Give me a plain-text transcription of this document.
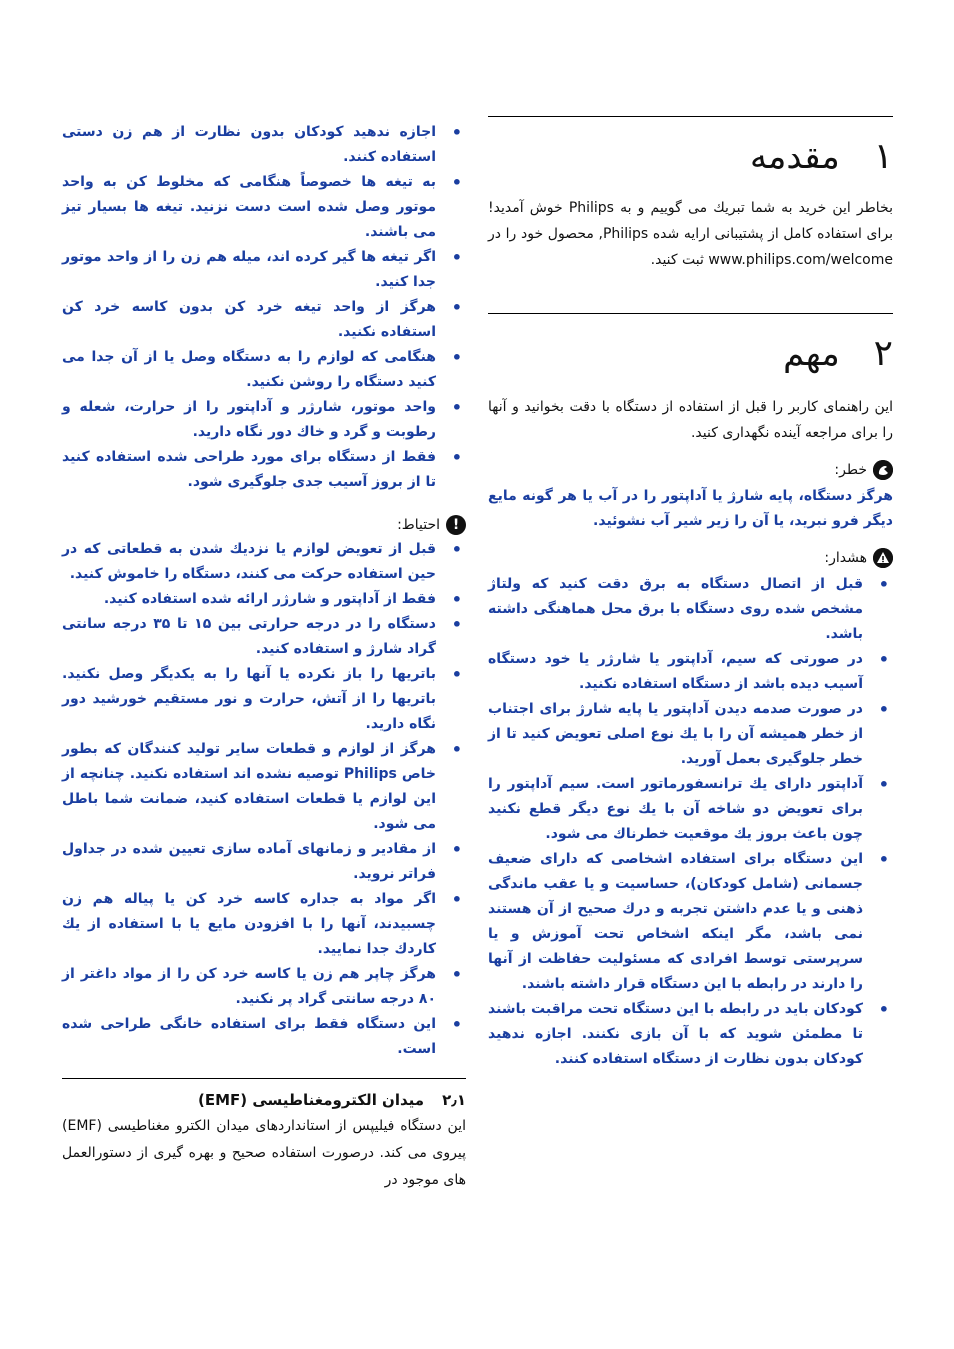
۱
مقدمه

بخاطر این خرید به شما تبریك می گوییم و به Philips خوش آمدید! برای استفاده كامل از پشتیبانی ارایه شده Philips, محصول خود را در www.philips.com/welcome ثبت كنید.

۲
مهم

این راهنمای كاربر را قبل از استفاده از دستگاه با دقت بخوانید و آنها را برای مراجعه آینده نگهداری كنید.

خطر:

هرگز دستگاه، پایه شارژ یا آداپتور را در آب یا هر گونه مایع دیگر فرو نبرید، یا آن را زیر شیر آب نشوئید.

هشدار:
• قبل از اتصال دستگاه به برق دقت كنید كه ولتاژ مشخص شده روی دستگاه با برق محل هماهنگی داشته باشد.
• در صورتی كه سیم، آداپتور یا شارژر یا خود دستگاه آسیب دیده باشد از دستگاه استفاده نكنید.
• در صورت صدمه دیدن آداپتور یا پایه شارژ برای اجتناب از خطر همیشه آن را با یك نوع اصلی تعویض كنید تا از خطر جلوگیری بعمل آورید.
• آداپتور دارای یك ترانسفورماتور است. سیم آداپتور را برای تعویض دو شاخه آن با یك نوع دیگر قطع نكنید چون باعث بروز یك موقعیت خطرناك می شود.
• این دستگاه برای استفاده اشخاصی كه دارای ضعیف جسمانی (شامل كودكان)، حساسیت و یا عقب ماندگی ذهنی و یا عدم داشتن تجربه و درك صحیح از آن هستند نمی باشد، مگر اینكه اشخاص تحت آموزش و یا سرپرستی توسط افرادی كه مسئولیت حفاظت از آنها را دارند در رابطه با این دستگاه قرار داشته باشند.
• كودكان باید در رابطه با این دستگاه تحت مراقبت باشند تا مطمئن شوید كه با آن بازی نكنند. اجازه ندهید كودكان بدون نظارت از دستگاه استفاده كنند.
• اجازه ندهید كودكان بدون نظارت از هم زن دستی استفاده كنند.
• به تیغه ها خصوصاً هنگامی كه مخلوط كن به واحد موتور وصل شده است دست نزنید. تیغه ها بسیار تیز می باشند.
• اگر تیغه ها گیر كرده اند، میله هم زن را از واحد موتور جدا كنید.
• هرگز از واحد تیغه خرد كن بدون كاسه خرد كن استفاده نكنید.
• هنگامی كه لوازم را به دستگاه وصل یا از آن جدا می كنید دستگاه را روشن نكنید.
• واحد موتور، شارژر و آداپتور را از حرارت، شعله و رطوبت و گرد و خاك دور نگاه دارید.
• فقط از دستگاه برای مورد طراحی شده استفاده كنید تا از بروز آسیب جدی جلوگیری شود.
!
احتیاط:
• قبل از تعویض لوازم یا نزدیك شدن به قطعاتی كه در حین استفاده حركت می كنند، دستگاه را خاموش كنید.
• فقط از آداپتور و شارژر ارائه شده استفاده كنید.
• دستگاه را در درجه حرارتی بین ۱۵ تا ۳۵ درجه سانتی گراد شارژ و استفاده كنید.
• باتریها را باز نكرده یا آنها را به یكدیگر وصل نكنید. باتریها را از آتش، حرارت و نور مستقیم خورشید دور نگاه دارید.
• هرگز از لوازم و قطعات سایر تولید كنندگان كه بطور خاص Philips توصیه نشده اند استفاده نكنید. چنانچه از این لوازم یا قطعات استفاده كنید، ضمانت شما باطل می شود.
• از مقادیر و زمانهای آماده سازی تعیین شده در جداول فراتر نروید.
• اگر مواد به جداره كاسه خرد كن یا پیاله هم زن چسبیدند، آنها را با افزودن مایع یا با استفاده از یك كاردك جدا نمایید.
• هرگز چاپر هم زن یا كاسه خرد كن را از مواد داغتر از ۸۰ درجه سانتی گراد پر نكنید.
• این دستگاه فقط برای استفاده خانگی طراحی شده است.
۲٫۱
میدان الكترومغناطیسی (EMF)

این دستگاه فیلیپس از استانداردهای میدان الكترو مغناطیسی (EMF) پیروی می كند. درصورت استفاده صحیح و بهره گیری از دستورالعمل های موجود در
